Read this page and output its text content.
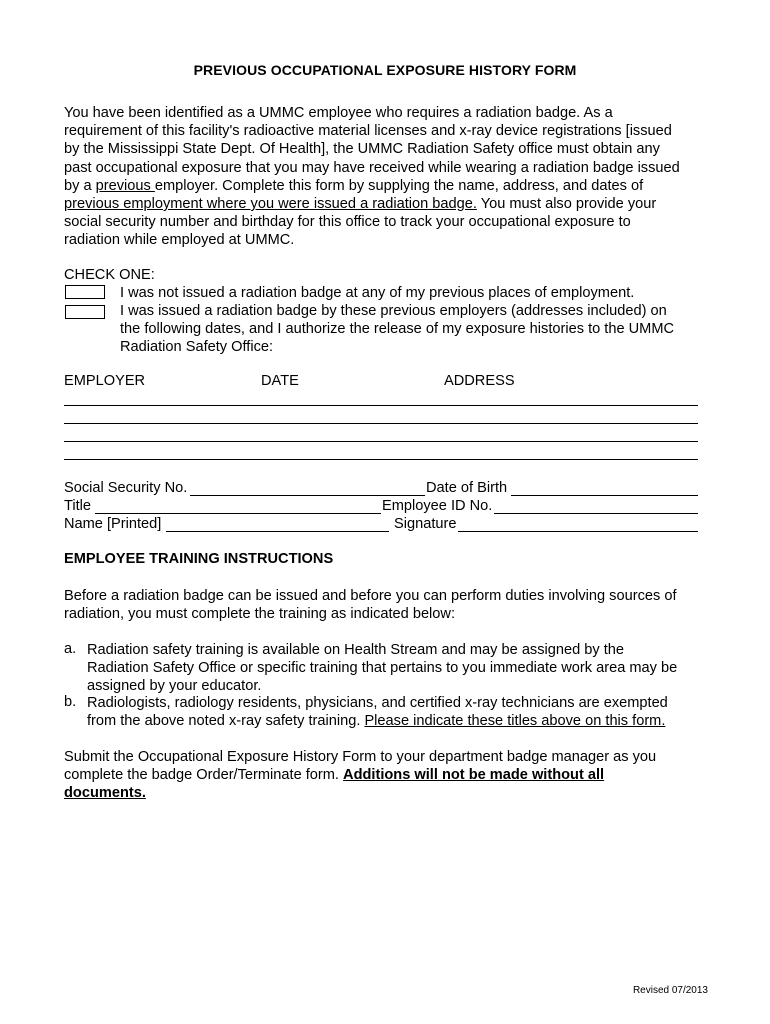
PREVIOUS OCCUPATIONAL EXPOSURE HISTORY FORM
You have been identified as a UMMC employee who requires a radiation badge. As a
requirement of this facility's radioactive material licenses and x-ray device registrations [issued
by the Mississippi State Dept. Of Health], the UMMC Radiation Safety office must obtain any
past occupational exposure that you may have received while wearing a radiation badge issued
by a previous employer. Complete this form by supplying the name, address, and dates of
previous employment where you were issued a radiation badge. You must also provide your
social security number and birthday for this office to track your occupational exposure to
radiation while employed at UMMC.
CHECK ONE:
I was not issued a radiation badge at any of my previous places of employment.
I was issued a radiation badge by these previous employers (addresses included) on
the following dates, and I authorize the release of my exposure histories to the UMMC
Radiation Safety Office:
EMPLOYER	DATE	ADDRESS
Social Security No.	Date of Birth
Title	Employee ID No.
Name [Printed]	Signature
EMPLOYEE TRAINING INSTRUCTIONS
Before a radiation badge can be issued and before you can perform duties involving sources of
radiation, you must complete the training as indicated below:
a. Radiation safety training is available on Health Stream and may be assigned by the
Radiation Safety Office or specific training that pertains to you immediate work area may be
assigned by your educator.
b. Radiologists, radiology residents, physicians, and certified x-ray technicians are exempted
from the above noted x-ray safety training. Please indicate these titles above on this form.
Submit the Occupational Exposure History Form to your department badge manager as you
complete the badge Order/Terminate form. Additions will not be made without all
documents.
Revised 07/2013
